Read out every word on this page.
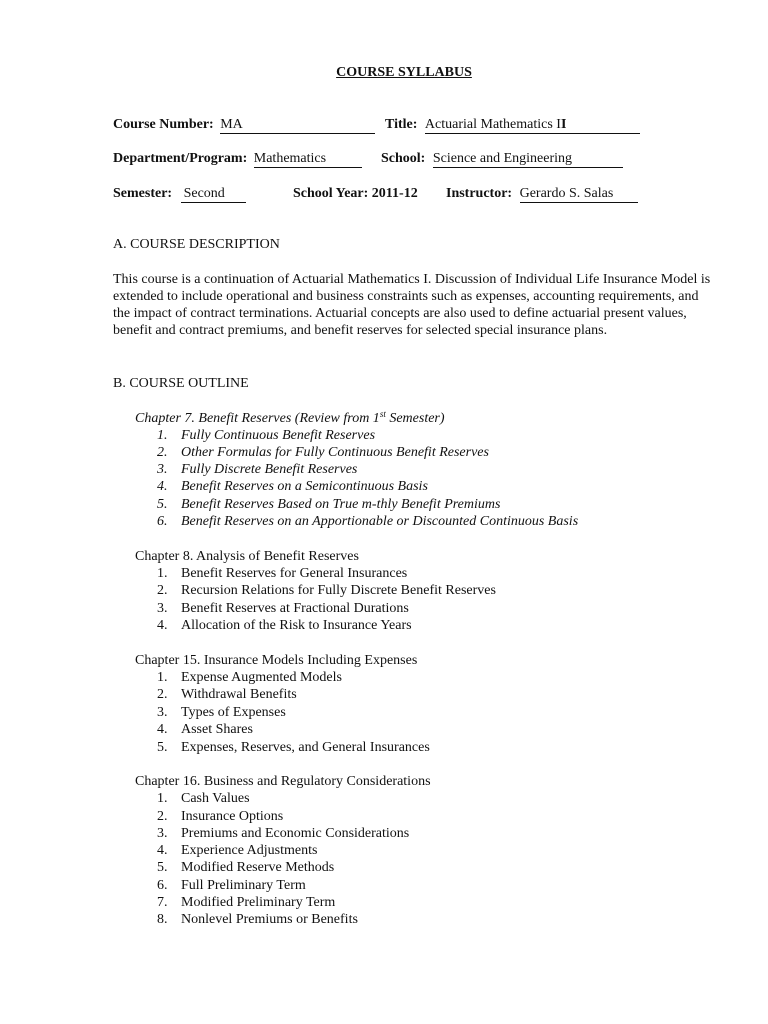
COURSE SYLLABUS
Course Number: MA	Title: Actuarial Mathematics II
Department/Program: Mathematics	School: Science and Engineering
Semester: Second	School Year: 2011-12 Instructor: Gerardo S. Salas
A. COURSE DESCRIPTION
This course is a continuation of Actuarial Mathematics I. Discussion of Individual Life Insurance Model is extended to include operational and business constraints such as expenses, accounting requirements, and the impact of contract terminations. Actuarial concepts are also used to define actuarial present values, benefit and contract premiums, and benefit reserves for selected special insurance plans.
B. COURSE OUTLINE
Chapter 7. Benefit Reserves (Review from 1st Semester)
1. Fully Continuous Benefit Reserves
2. Other Formulas for Fully Continuous Benefit Reserves
3. Fully Discrete Benefit Reserves
4. Benefit Reserves on a Semicontinuous Basis
5. Benefit Reserves Based on True m-thly Benefit Premiums
6. Benefit Reserves on an Apportionable or Discounted Continuous Basis
Chapter 8. Analysis of Benefit Reserves
1. Benefit Reserves for General Insurances
2. Recursion Relations for Fully Discrete Benefit Reserves
3. Benefit Reserves at Fractional Durations
4. Allocation of the Risk to Insurance Years
Chapter 15. Insurance Models Including Expenses
1. Expense Augmented Models
2. Withdrawal Benefits
3. Types of Expenses
4. Asset Shares
5. Expenses, Reserves, and General Insurances
Chapter 16. Business and Regulatory Considerations
1. Cash Values
2. Insurance Options
3. Premiums and Economic Considerations
4. Experience Adjustments
5. Modified Reserve Methods
6. Full Preliminary Term
7. Modified Preliminary Term
8. Nonlevel Premiums or Benefits
